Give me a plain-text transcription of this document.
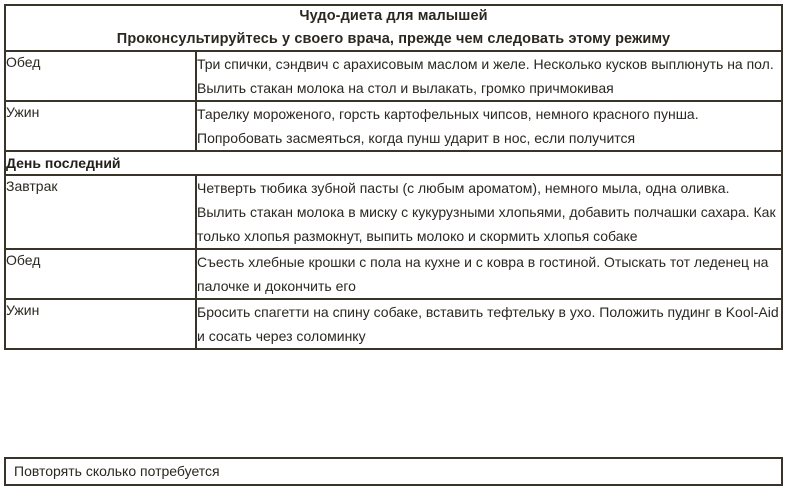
Чудо-диета для малышей
Проконсультируйтесь у своего врача, прежде чем следовать этому режиму	

Обед	Три спички, сэндвич с арахисовым маслом и желе. Несколько кусков выплюнуть на пол. Вылить стакан молока на стол и вылакать, громко причмокивая
Ужин	Тарелку мороженого, горсть картофельных чипсов, немного красного пунша. Попробовать засмеяться, когда пунш ударит в нос, если получится

День последний	

Завтрак	Четверть тюбика зубной пасты (с любым ароматом), немного мыла, одна оливка. Вылить стакан молока в миску с кукурузными хлопьями, добавить полчашки сахара. Как только хлопья размокнут, выпить молоко и скормить хлопья собаке
Обед	Съесть хлебные крошки с пола на кухне и с ковра в гостиной. Отыскать тот леденец на палочке и докончить его
Ужин	Бросить спагетти на спину собаке, вставить тефтельку в ухо. Положить пудинг в Kool-Aid и сосать через соломинку
Повторять сколько потребуется
